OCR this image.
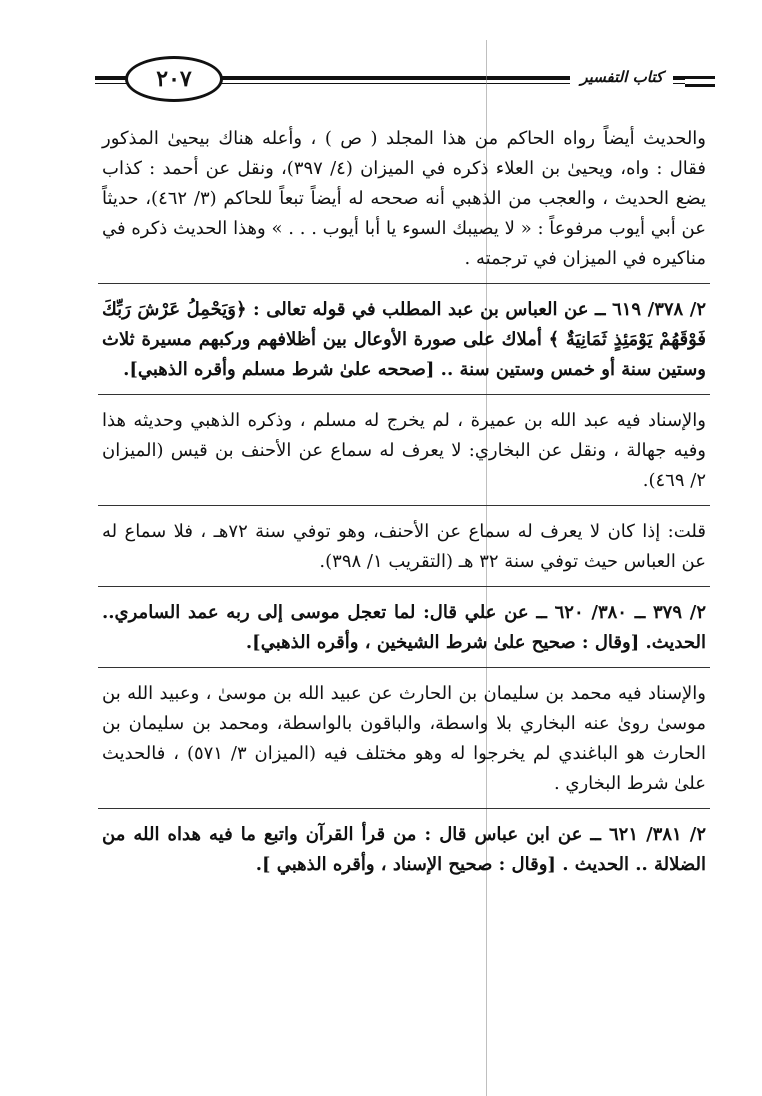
٢٠٧	كتاب التفسير

والحديث أيضاً رواه الحاكم من هذا المجلد ( ص ) ، وأعله هناك بيحيىٰ المذكور فقال : واه، ويحيىٰ بن العلاء ذكره في الميزان (٤/ ٣٩٧)، ونقل عن أحمد : كذاب يضع الحديث ، والعجب من الذهبي أنه صححه له أيضاً تبعاً للحاكم (٣/ ٤٦٢)، حديثاً عن أبي أيوب مرفوعاً : « لا يصيبك السوء يا أبا أيوب . . . » وهذا الحديث ذكره في مناكيره في الميزان في ترجمته .

٢/ ٣٧٨/ ٦١٩ ــ عن العباس بن عبد المطلب في قوله تعالى : ﴿وَيَحْمِلُ عَرْشَ رَبِّكَ فَوْقَهُمْ يَوْمَئِذٍ ثَمَانِيَةٌ ﴾ أملاك على صورة الأوعال بين أظلافهم وركبهم مسيرة ثلاث وستين سنة أو خمس وستين سنة .. [صححه علىٰ شرط مسلم وأقره الذهبي].

والإسناد فيه عبد الله بن عميرة ، لم يخرج له مسلم ، وذكره الذهبي وحديثه هذا وفيه جهالة ، ونقل عن البخاري: لا يعرف له سماع عن الأحنف بن قيس (الميزان ٢/ ٤٦٩).

قلت: إذا كان لا يعرف له سماع عن الأحنف، وهو توفي سنة ٧٢هـ ، فلا سماع له عن العباس حيث توفي سنة ٣٢ هـ (التقريب ١/ ٣٩٨).

٢/ ٣٧٩ ــ ٣٨٠/ ٦٢٠ ــ عن علي قال: لما تعجل موسى إلى ربه عمد السامري.. الحديث. [وقال : صحيح علىٰ شرط الشيخين ، وأقره الذهبي].

والإسناد فيه محمد بن سليمان بن الحارث عن عبيد الله بن موسىٰ ، وعبيد الله بن موسىٰ روىٰ عنه البخاري بلا واسطة، والباقون بالواسطة، ومحمد بن سليمان بن الحارث هو الباغندي لم يخرجوا له وهو مختلف فيه (الميزان ٣/ ٥٧١) ، فالحديث علىٰ شرط البخاري .

٢/ ٣٨١/ ٦٢١ ــ عن ابن عباس قال : من قرأ القرآن واتبع ما فيه هداه الله من الضلالة .. الحديث . [وقال : صحيح الإسناد ، وأقره الذهبي ].
